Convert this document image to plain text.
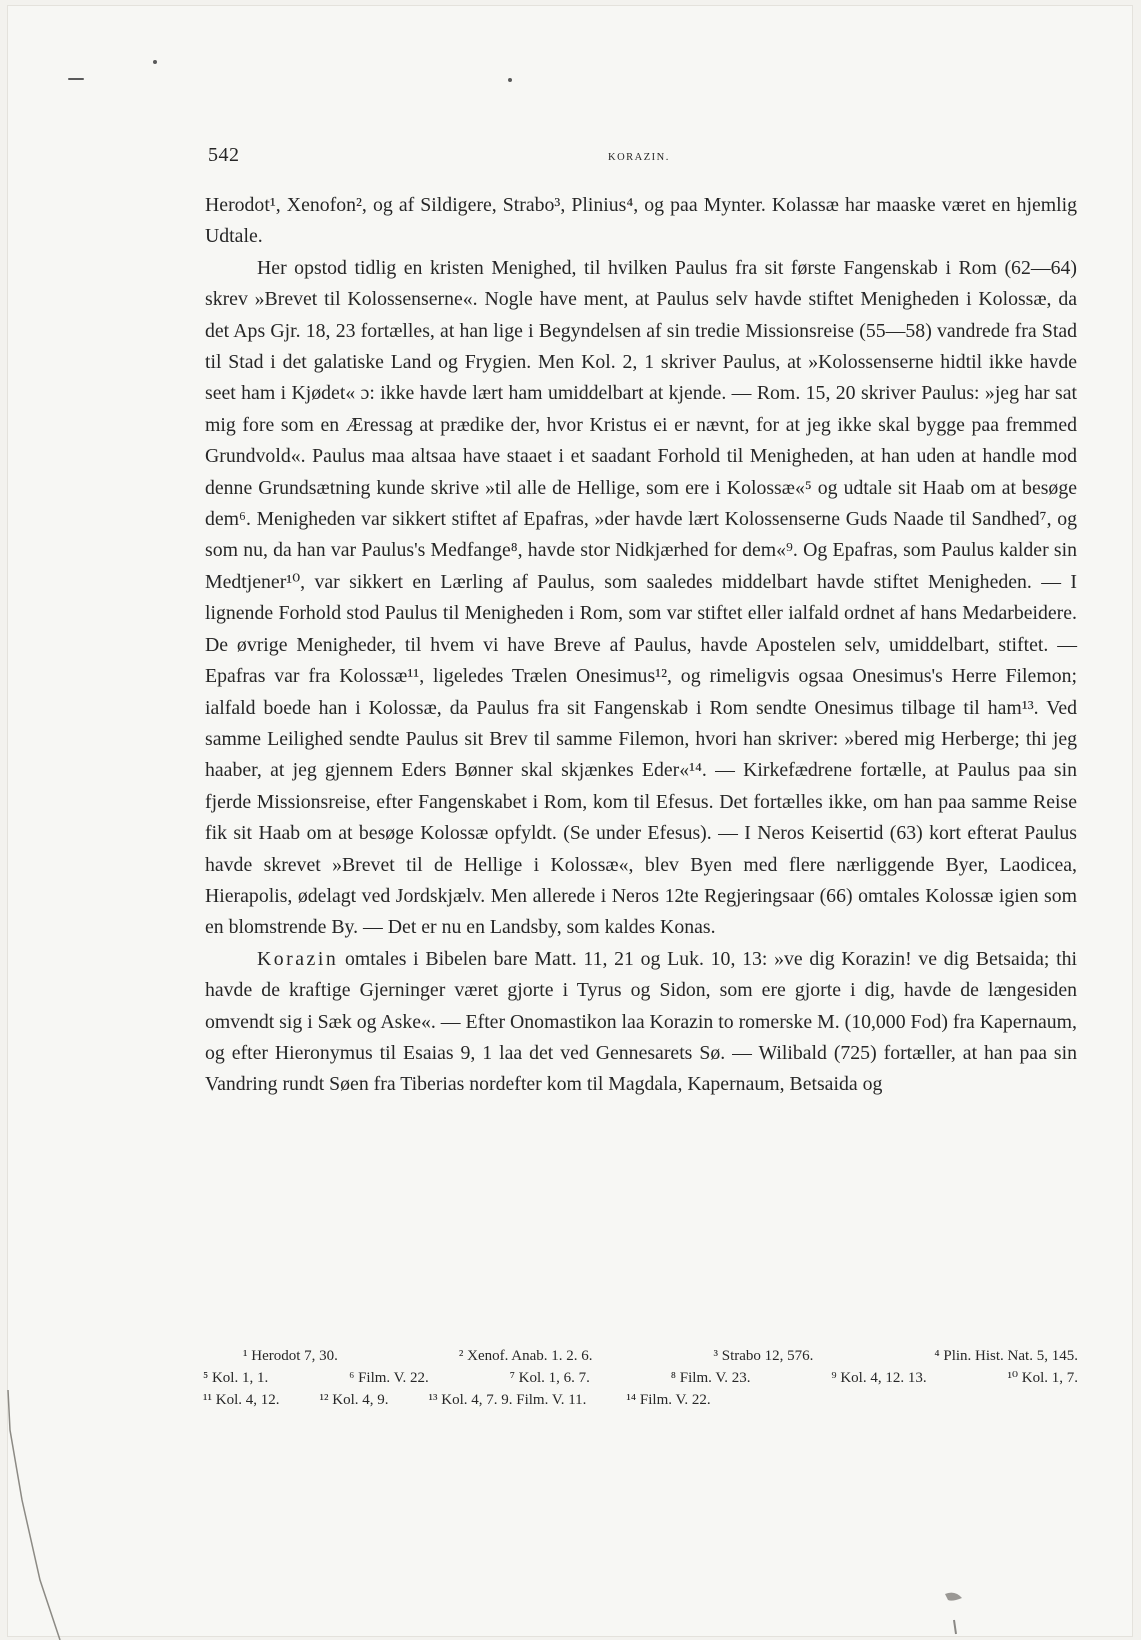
542	KORAZIN.

Herodot¹, Xenofon², og af Sildigere, Strabo³, Plinius⁴, og paa Mynter. Kolassæ har maaske været en hjemlig Udtale.

Her opstod tidlig en kristen Menighed, til hvilken Paulus fra sit første Fangenskab i Rom (62—64) skrev »Brevet til Kolossenserne«. Nogle have ment, at Paulus selv havde stiftet Menigheden i Kolossæ, da det Aps Gjr. 18, 23 fortælles, at han lige i Begyndelsen af sin tredie Missionsreise (55—58) vandrede fra Stad til Stad i det galatiske Land og Frygien. Men Kol. 2, 1 skriver Paulus, at »Kolossenserne hidtil ikke havde seet ham i Kjødet« ɔ: ikke havde lært ham umiddelbart at kjende. — Rom. 15, 20 skriver Paulus: »jeg har sat mig fore som en Æressag at prædike der, hvor Kristus ei er nævnt, for at jeg ikke skal bygge paa fremmed Grundvold«. Paulus maa altsaa have staaet i et saadant Forhold til Menigheden, at han uden at handle mod denne Grundsætning kunde skrive »til alle de Hellige, som ere i Kolossæ«⁵ og udtale sit Haab om at besøge dem⁶. Menigheden var sikkert stiftet af Epafras, »der havde lært Kolossenserne Guds Naade til Sandhed⁷, og som nu, da han var Paulus's Medfange⁸, havde stor Nidkjærhed for dem«⁹. Og Epafras, som Paulus kalder sin Medtjener¹⁰, var sikkert en Lærling af Paulus, som saaledes middelbart havde stiftet Menigheden. — I lignende Forhold stod Paulus til Menigheden i Rom, som var stiftet eller ialfald ordnet af hans Medarbeidere. De øvrige Menigheder, til hvem vi have Breve af Paulus, havde Apostelen selv, umiddelbart, stiftet. — Epafras var fra Kolossæ¹¹, ligeledes Trælen Onesimus¹², og rimeligvis ogsaa Onesimus's Herre Filemon; ialfald boede han i Kolossæ, da Paulus fra sit Fangenskab i Rom sendte Onesimus tilbage til ham¹³. Ved samme Leilighed sendte Paulus sit Brev til samme Filemon, hvori han skriver: »bered mig Herberge; thi jeg haaber, at jeg gjennem Eders Bønner skal skjænkes Eder«¹⁴. — Kirkefædrene fortælle, at Paulus paa sin fjerde Missionsreise, efter Fangenskabet i Rom, kom til Efesus. Det fortælles ikke, om han paa samme Reise fik sit Haab om at besøge Kolossæ opfyldt. (Se under Efesus). — I Neros Keisertid (63) kort efterat Paulus havde skrevet »Brevet til de Hellige i Kolossæ«, blev Byen med flere nærliggende Byer, Laodicea, Hierapolis, ødelagt ved Jordskjælv. Men allerede i Neros 12te Regjeringsaar (66) omtales Kolossæ igien som en blomstrende By. — Det er nu en Landsby, som kaldes Konas.

Korazin omtales i Bibelen bare Matt. 11, 21 og Luk. 10, 13: »ve dig Korazin! ve dig Betsaida; thi havde de kraftige Gjerninger været gjorte i Tyrus og Sidon, som ere gjorte i dig, havde de længesiden omvendt sig i Sæk og Aske«. — Efter Onomastikon laa Korazin to romerske M. (10,000 Fod) fra Kapernaum, og efter Hieronymus til Esaias 9, 1 laa det ved Gennesarets Sø. — Wilibald (725) fortæller, at han paa sin Vandring rundt Søen fra Tiberias nordefter kom til Magdala, Kapernaum, Betsaida og

¹ Herodot 7, 30.	² Xenof. Anab. 1. 2. 6.	³ Strabo 12, 576.	⁴ Plin. Hist. Nat. 5, 145.
⁵ Kol. 1, 1.	⁶ Film. V. 22.	⁷ Kol. 1, 6. 7.	⁸ Film. V. 23.	⁹ Kol. 4, 12. 13.	¹⁰ Kol. 1, 7.
¹¹ Kol. 4, 12.	¹² Kol. 4, 9.	¹³ Kol. 4, 7. 9. Film. V. 11.	¹⁴ Film. V. 22.
